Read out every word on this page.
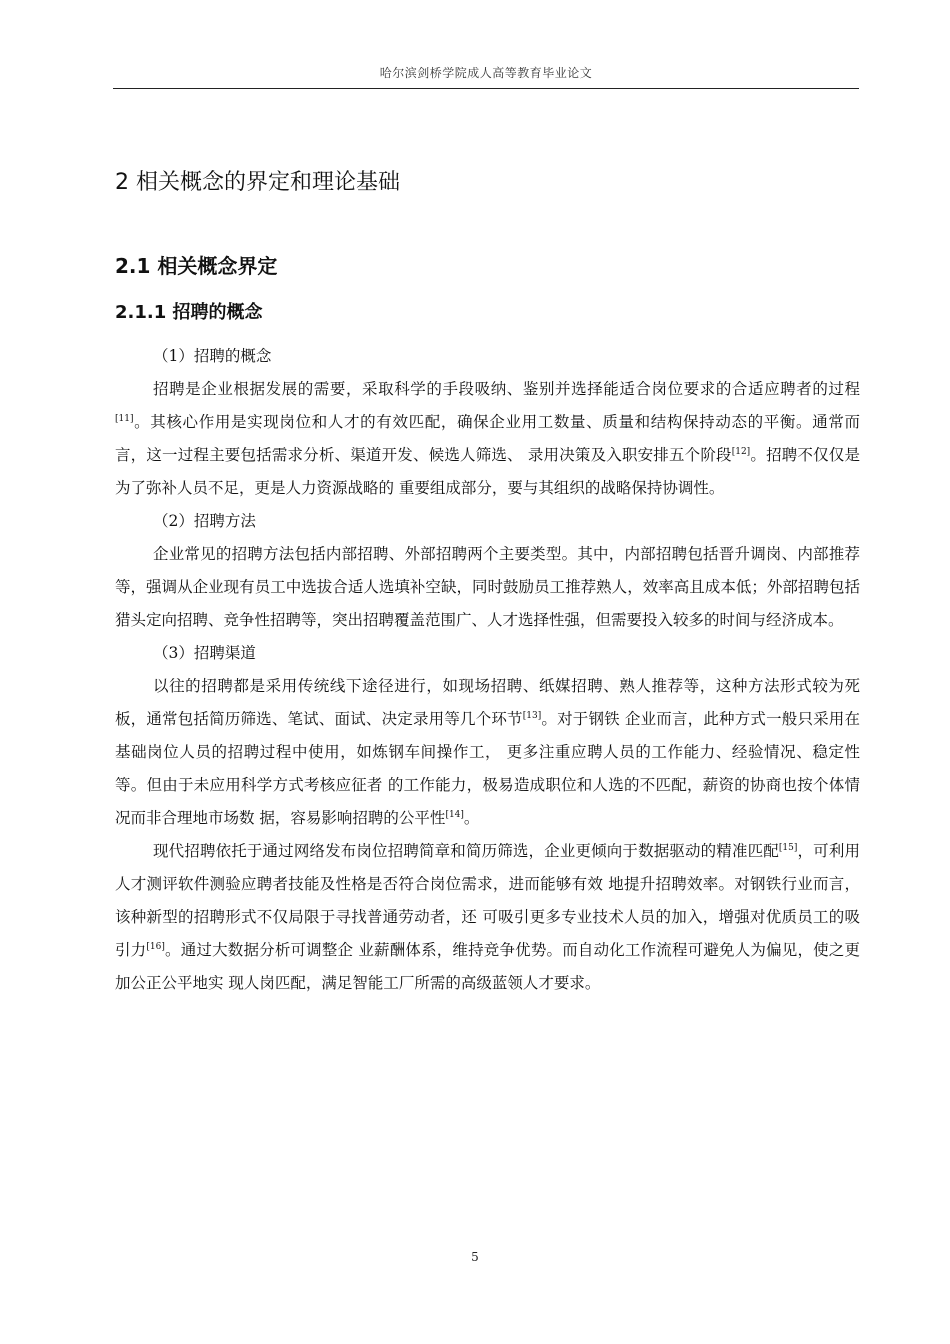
哈尔滨剑桥学院成人高等教育毕业论文
2 相关概念的界定和理论基础
2.1 相关概念界定
2.1.1 招聘的概念

（1）招聘的概念

招聘是企业根据发展的需要，采取科学的手段吸纳、鉴别并选择能适合岗位要求的合适应聘者的过程[11]。其核心作用是实现岗位和人才的有效匹配，确保企业用工数量、质量和结构保持动态的平衡。通常而言，这一过程主要包括需求分析、渠道开发、候选人筛选、 录用决策及入职安排五个阶段[12]。招聘不仅仅是为了弥补人员不足，更是人力资源战略的 重要组成部分，要与其组织的战略保持协调性。

（2）招聘方法

企业常见的招聘方法包括内部招聘、外部招聘两个主要类型。其中，内部招聘包括晋升调岗、内部推荐等，强调从企业现有员工中选拔合适人选填补空缺，同时鼓励员工推荐熟人，效率高且成本低；外部招聘包括猎头定向招聘、竞争性招聘等，突出招聘覆盖范围广、人才选择性强，但需要投入较多的时间与经济成本。

（3）招聘渠道

以往的招聘都是采用传统线下途径进行，如现场招聘、纸媒招聘、熟人推荐等，这种方法形式较为死板，通常包括简历筛选、笔试、面试、决定录用等几个环节[13]。对于钢铁 企业而言，此种方式一般只采用在基础岗位人员的招聘过程中使用，如炼钢车间操作工， 更多注重应聘人员的工作能力、经验情况、稳定性等。但由于未应用科学方式考核应征者 的工作能力，极易造成职位和人选的不匹配，薪资的协商也按个体情况而非合理地市场数 据，容易影响招聘的公平性[14]。

现代招聘依托于通过网络发布岗位招聘简章和简历筛选，企业更倾向于数据驱动的精准匹配[15]，可利用人才测评软件测验应聘者技能及性格是否符合岗位需求，进而能够有效 地提升招聘效率。对钢铁行业而言，该种新型的招聘形式不仅局限于寻找普通劳动者，还 可吸引更多专业技术人员的加入，增强对优质员工的吸引力[16]。通过大数据分析可调整企 业薪酬体系，维持竞争优势。而自动化工作流程可避免人为偏见，使之更加公正公平地实 现人岗匹配，满足智能工厂所需的高级蓝领人才要求。

5
